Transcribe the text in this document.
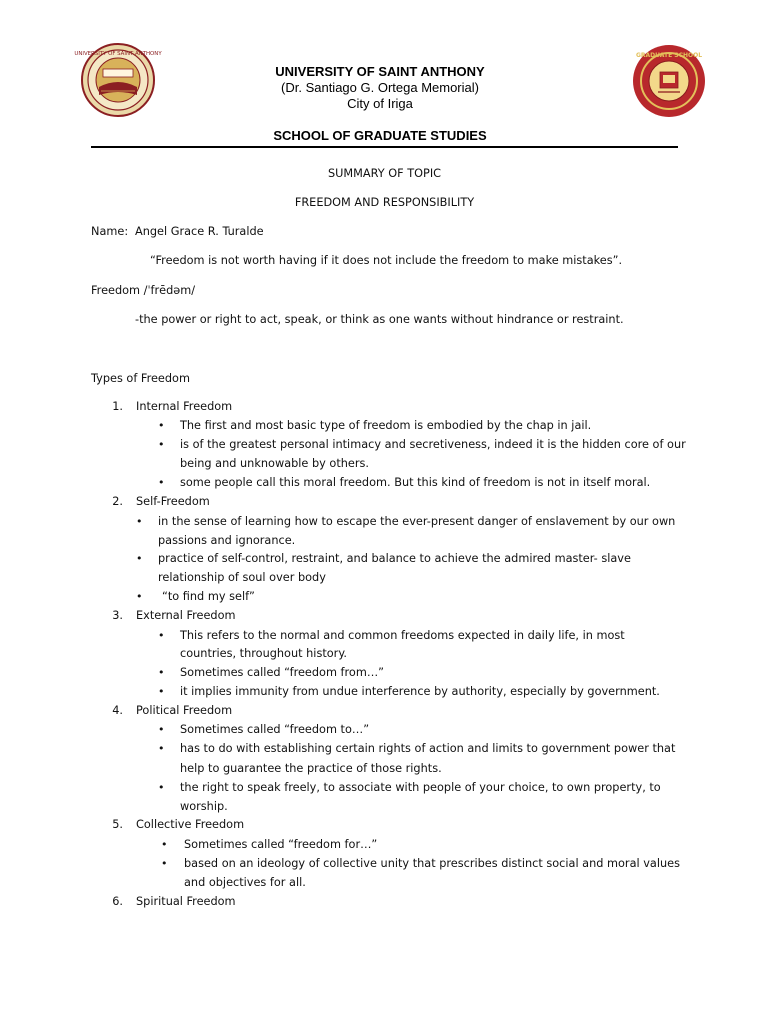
UNIVERSITY OF SAINT ANTHONY
UNIVERSITY OF SAINT ANTHONY
(Dr. Santiago G. Ortega Memorial)
City of Iriga
SCHOOL OF GRADUATE STUDIES
GRADUATE SCHOOL
SUMMARY OF TOPIC
FREEDOM AND RESPONSIBILITY
Name: Angel Grace R. Turalde
“Freedom is not worth having if it does not include the freedom to make mistakes”.
Freedom /ˈfrēdəm/
-the power or right to act, speak, or think as one wants without hindrance or restraint.
Types of Freedom
1. Internal Freedom
• The first and most basic type of freedom is embodied by the chap in jail.
• is of the greatest personal intimacy and secretiveness, indeed it is the hidden core of our
being and unknowable by others.
• some people call this moral freedom. But this kind of freedom is not in itself moral.
2. Self-Freedom
• in the sense of learning how to escape the ever-present danger of enslavement by our own
passions and ignorance.
• practice of self-control, restraint, and balance to achieve the admired master- slave
relationship of soul over body
• “to find my self”
3. External Freedom
• This refers to the normal and common freedoms expected in daily life, in most
countries, throughout history.
• Sometimes called “freedom from…”
• it implies immunity from undue interference by authority, especially by government.
4. Political Freedom
• Sometimes called “freedom to…”
• has to do with establishing certain rights of action and limits to government power that
help to guarantee the practice of those rights.
• the right to speak freely, to associate with people of your choice, to own property, to
worship.
5. Collective Freedom
• Sometimes called “freedom for…”
• based on an ideology of collective unity that prescribes distinct social and moral values
and objectives for all.
6. Spiritual Freedom
